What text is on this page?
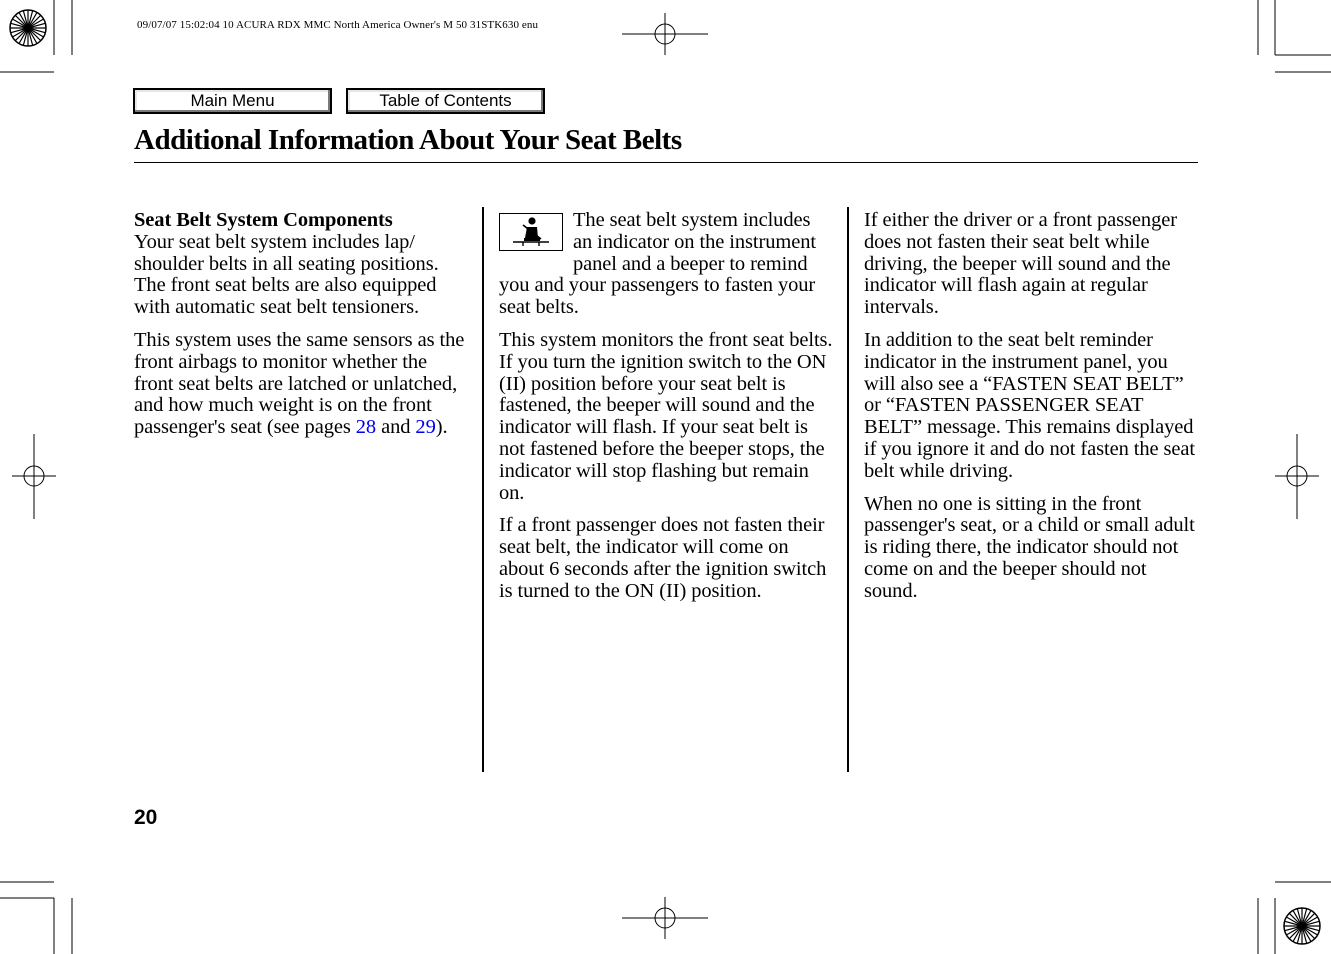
09/07/07 15:02:04 10 ACURA RDX MMC North America Owner's M 50 31STK630 enu
Main Menu	Table of Contents
Additional Information About Your Seat Belts
Seat Belt System Components

Your seat belt system includes lap/ shoulder belts in all seating positions. The front seat belts are also equipped with automatic seat belt tensioners.

This system uses the same sensors as the front airbags to monitor whether the front seat belts are latched or unlatched, and how much weight is on the front passenger's seat (see pages 28 and 29).

The seat belt system includes an indicator on the instrument panel and a beeper to remind you and your passengers to fasten your seat belts.

This system monitors the front seat belts. If you turn the ignition switch to the ON (II) position before your seat belt is fastened, the beeper will sound and the indicator will flash. If your seat belt is not fastened before the beeper stops, the indicator will stop flashing but remain on.

If a front passenger does not fasten their seat belt, the indicator will come on about 6 seconds after the ignition switch is turned to the ON (II) position.

If either the driver or a front passenger does not fasten their seat belt while driving, the beeper will sound and the indicator will flash again at regular intervals.

In addition to the seat belt reminder indicator in the instrument panel, you will also see a “FASTEN SEAT BELT” or “FASTEN PASSENGER SEAT BELT” message. This remains displayed if you ignore it and do not fasten the seat belt while driving.

When no one is sitting in the front passenger's seat, or a child or small adult is riding there, the indicator should not come on and the beeper should not sound.

20
